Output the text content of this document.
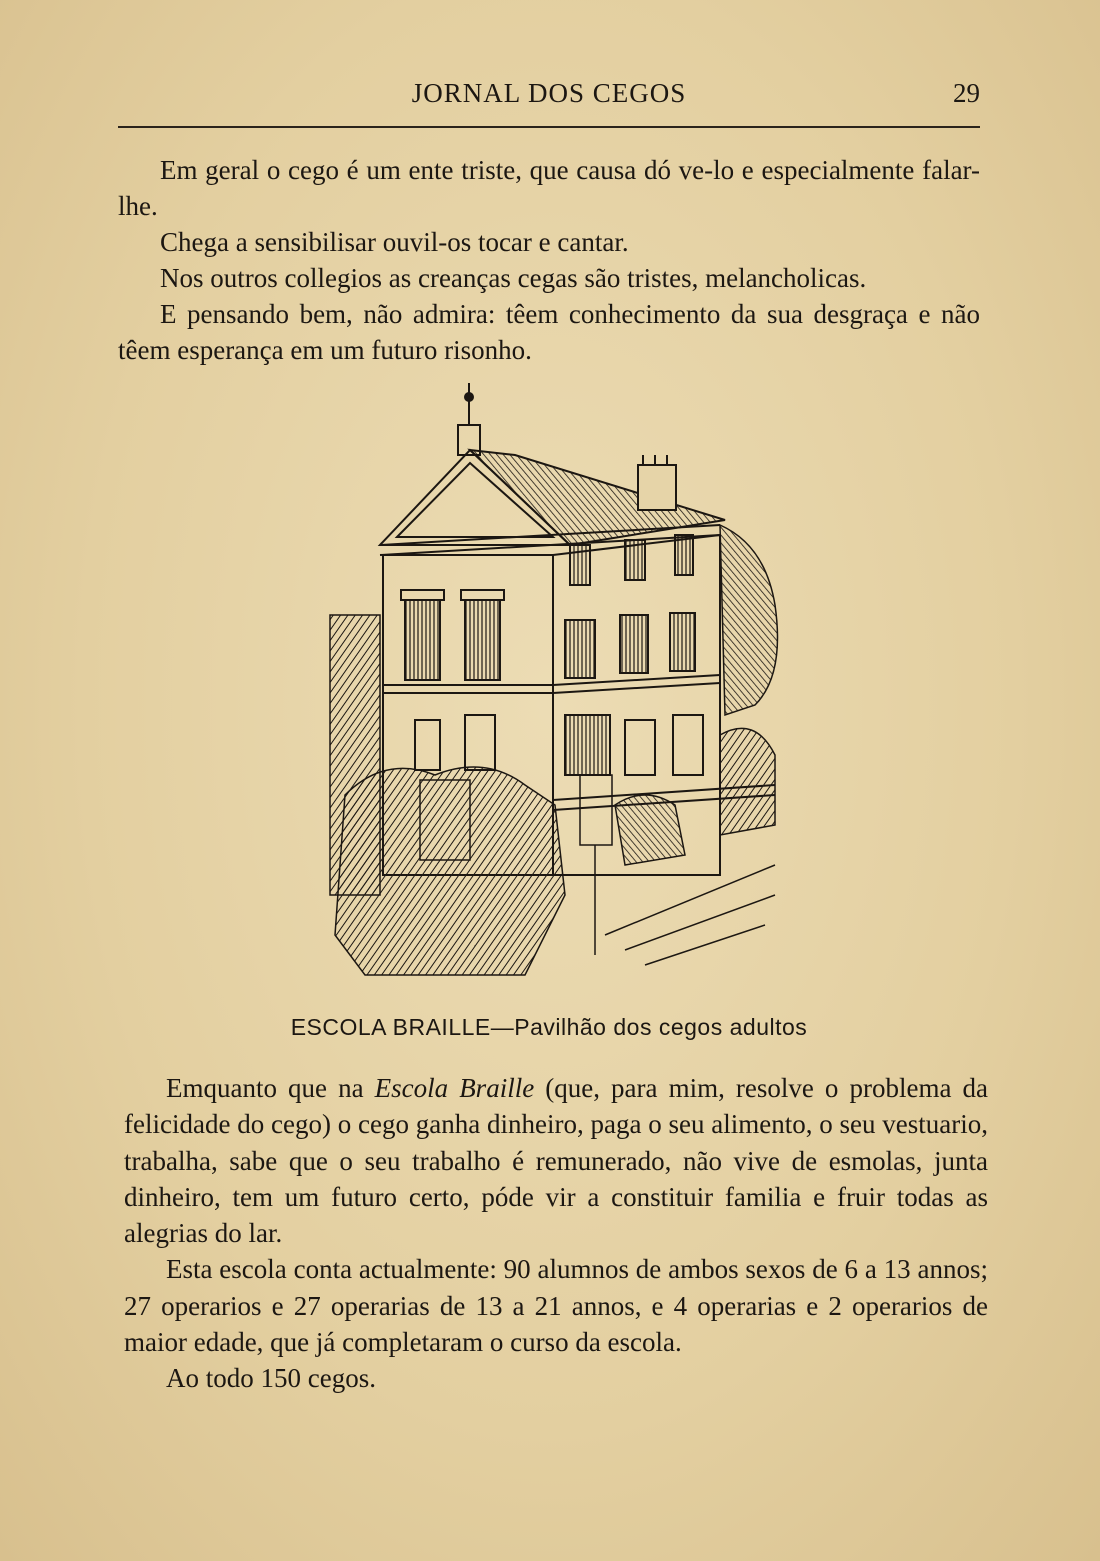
JORNAL DOS CEGOS	29
Em geral o cego é um ente triste, que causa dó ve-lo e especialmente falar-lhe.
Chega a sensibilisar ouvil-os tocar e cantar.
Nos outros collegios as creanças cegas são tristes, melancholicas.
E pensando bem, não admira: têem conhecimento da sua desgraça e não têem esperança em um futuro risonho.
ESCOLA BRAILLE—Pavilhão dos cegos adultos
Emquanto que na Escola Braille (que, para mim, resolve o problema da felicidade do cego) o cego ganha dinheiro, paga o seu alimento, o seu vestuario, trabalha, sabe que o seu trabalho é remunerado, não vive de esmolas, junta dinheiro, tem um futuro certo, póde vir a constituir familia e fruir todas as alegrias do lar.
Esta escola conta actualmente: 90 alumnos de ambos sexos de 6 a 13 annos; 27 operarios e 27 operarias de 13 a 21 annos, e 4 operarias e 2 operarios de maior edade, que já completaram o curso da escola.
Ao todo 150 cegos.
